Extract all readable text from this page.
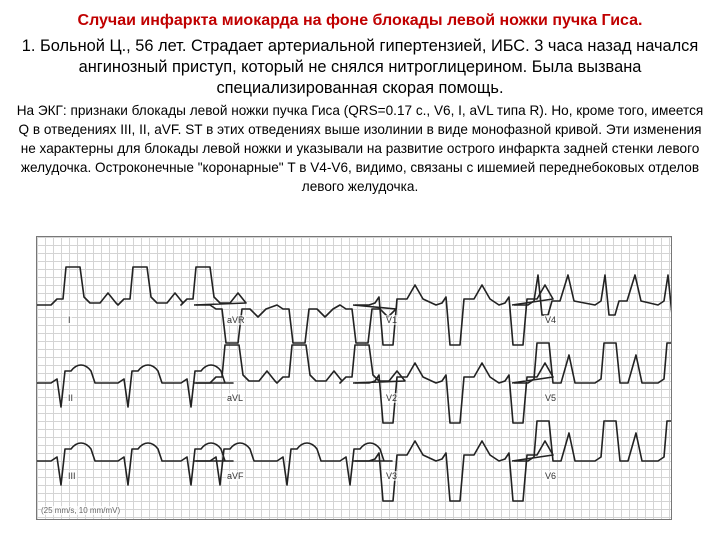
Случаи инфаркта миокарда на фоне блокады левой ножки пучка Гиса.

1. Больной Ц., 56 лет. Страдает артериальной гипертензией, ИБС. 3 часа назад начался ангинозный приступ, который не снялся нитроглицерином. Была вызвана специализированная скорая помощь.

На ЭКГ: признаки блокады левой ножки пучка Гиса (QRS=0.17 с., V6, I, aVL типа R). Но, кроме того, имеется Q в отведениях III, II, aVF. ST в этих отведениях выше изолинии в виде монофазной кривой. Эти изменения не характерны для блокады левой ножки и указывали на развитие острого инфаркта задней стенки левого желудочка. Остроконечные "коронарные" T в V4-V6, видимо, связаны с ишемией переднебоковых отделов левого желудочка.

(25 mm/s, 10 mm/mV)
I	aVR	V1	V4
II	aVL	V2	V5
III	aVF	V3	V6
